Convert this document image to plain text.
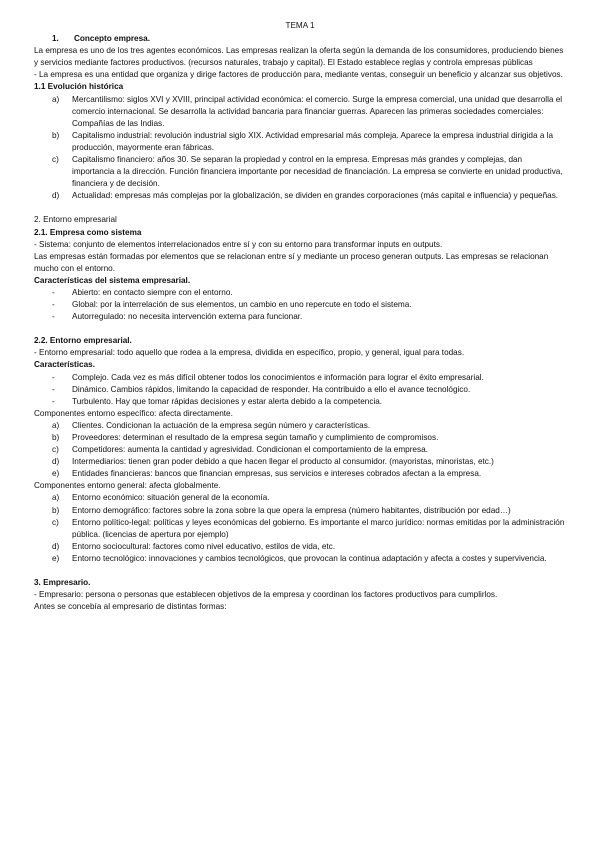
TEMA 1
1. Concepto empresa.

La empresa es uno de los tres agentes económicos. Las empresas realizan la oferta según la demanda de los consumidores, produciendo bienes y servicios mediante factores productivos. (recursos naturales, trabajo y capital). El Estado establece reglas y controla empresas públicas

- La empresa es una entidad que organiza y dirige factores de producción para, mediante ventas, conseguir un beneficio y alcanzar sus objetivos.

1.1 Evolución histórica
a) Mercantilismo: siglos XVI y XVIII, principal actividad económica: el comercio. Surge la empresa comercial, una unidad que desarrolla el comercio internacional. Se desarrolla la actividad bancaria para financiar guerras. Aparecen las primeras sociedades comerciales: Compañías de las Indias.
b) Capitalismo industrial: revolución industrial siglo XIX. Actividad empresarial más compleja. Aparece la empresa industrial dirigida a la producción, mayormente eran fábricas.
c) Capitalismo financiero: años 30. Se separan la propiedad y control en la empresa. Empresas más grandes y complejas, dan importancia a la dirección. Función financiera importante por necesidad de financiación. La empresa se convierte en unidad productiva, financiera y de decisión.
d) Actualidad: empresas más complejas por la globalización, se dividen en grandes corporaciones (más capital e influencia) y pequeñas.
2. Entorno empresarial
2.1. Empresa como sistema

- Sistema: conjunto de elementos interrelacionados entre sí y con su entorno para transformar inputs en outputs.

Las empresas están formadas por elementos que se relacionan entre sí y mediante un proceso generan outputs. Las empresas se relacionan mucho con el entorno.

Características del sistema empresarial.
- Abierto: en contacto siempre con el entorno.
- Global: por la interrelación de sus elementos, un cambio en uno repercute en todo el sistema.
- Autorregulado: no necesita intervención externa para funcionar.
2.2. Entorno empresarial.

- Entorno empresarial: todo aquello que rodea a la empresa, dividida en específico, propio, y general, igual para todas.

Características.
- Complejo. Cada vez es más difícil obtener todos los conocimientos e información para lograr el éxito empresarial.
- Dinámico. Cambios rápidos, limitando la capacidad de responder. Ha contribuido a ello el avance tecnológico.
- Turbulento. Hay que tomar rápidas decisiones y estar alerta debido a la competencia.
Componentes entorno específico: afecta directamente.
a) Clientes. Condicionan la actuación de la empresa según número y características.
b) Proveedores: determinan el resultado de la empresa según tamaño y cumplimiento de compromisos.
c) Competidores: aumenta la cantidad y agresividad. Condicionan el comportamiento de la empresa.
d) Intermediarios: tienen gran poder debido a que hacen llegar el producto al consumidor. (mayoristas, minoristas, etc.)
e) Entidades financieras: bancos que financian empresas, sus servicios e intereses cobrados afectan a la empresa.
Componentes entorno general: afecta globalmente.
a) Entorno económico: situación general de la economía.
b) Entorno demográfico: factores sobre la zona sobre la que opera la empresa (número habitantes, distribución por edad…)
c) Entorno político-legal: políticas y leyes económicas del gobierno. Es importante el marco jurídico: normas emitidas por la administración pública. (licencias de apertura por ejemplo)
d) Entorno sociocultural: factores como nivel educativo, estilos de vida, etc.
e) Entorno tecnológico: innovaciones y cambios tecnológicos, que provocan la continua adaptación y afecta a costes y supervivencia.
3. Empresario.

- Empresario: persona o personas que establecen objetivos de la empresa y coordinan los factores productivos para cumplirlos.

Antes se concebía al empresario de distintas formas:
